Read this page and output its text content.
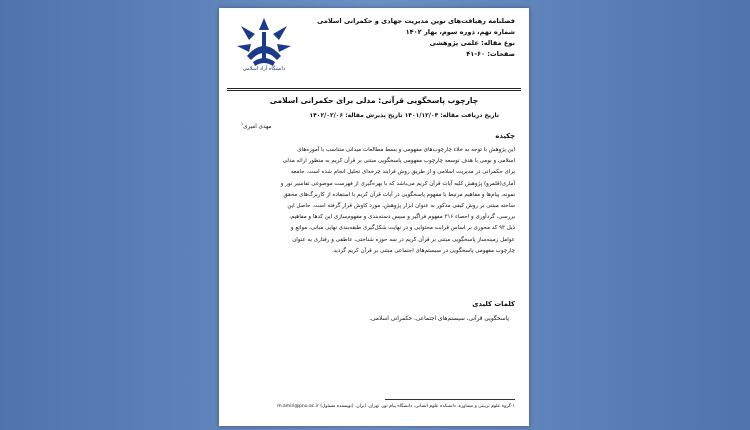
فصلنامه رهیافت‌های نوین مدیریت جهادی و حکمرانی اسلامی
شماره نهم، دوره سوم، بهار ۱۴۰۲
نوع مقاله: علمی پژوهشی
صفحات: ۶۰-۴۱
دانشگاه آزاد اسلامی
چارچوب پاسخگویی قرآنی: مدلی برای حکمرانی اسلامی
تاریخ دریافت مقاله: ۱۴۰۱/۱۲/۰۴ تاریخ پذیرش مقاله: ۱۴۰۲/۰۲/۰۶
مهدی امیری$^۱$
چکیده
این پژوهش با توجه به خلاء چارچوب‌های مفهومی و بسط مطالعات میدانی متناسب با آموزه‌های
اسلامی و بومی با هدف توسعه چارچوب مفهومی پاسخگویی مبتنی بر قرآن کریم به منظور ارائه مدلی
برای حکمرانی در مدیریت اسلامی و از طریق روش فرایند چرخه‌ای تحلیل انجام شده است. جامعه
آماری(قلمرو) پژوهش کلیه آیات قرآن کریم می‌باشد که با بهره‌گیری از فهرست موضوعی تفاسیر نور و
نمونه، پیام‌ها و مفاهیم مرتبط با مفهوم پاسخگویی در آیات قرآن کریم با استفاده از کاربرگ‌های محقق
ساخته مبتنی بر روش کیفی مذکور به عنوان ابزار پژوهش، مورد کاوش قرار گرفته است. حاصل این
بررسی، گردآوری و احصاء ۳۱۶ مفهوم فراگیر و سپس دسته‌بندی و مفهوم‌سازی این کدها و مفاهیم،
ذیل ۹۳ کد محوری بر اساس قرابت محتوایی و در نهایت شکل‌گیری طبقه‌بندی نهایی مبانی، موانع و
عوامل زمینه‌ساز پاسخگویی مبتنی بر قرآن کریم در سه حوزه شناختی، عاطفی و رفتاری به عنوان
چارچوب مفهومی پاسخگویی در سیستم‌های اجتماعی مبتنی بر قرآن کریم گردید.
کلمات کلیدی
پاسخگویی قرآنی، سیستم‌های اجتماعی، حکمرانی اسلامی.
۱-گروه علوم تربیتی و مشاوره، دانشکده علوم انسانی، دانشگاه پیام نور، تهران، ایران. (نویسنده مسئول) m.amiri@pnu.ac.ir
